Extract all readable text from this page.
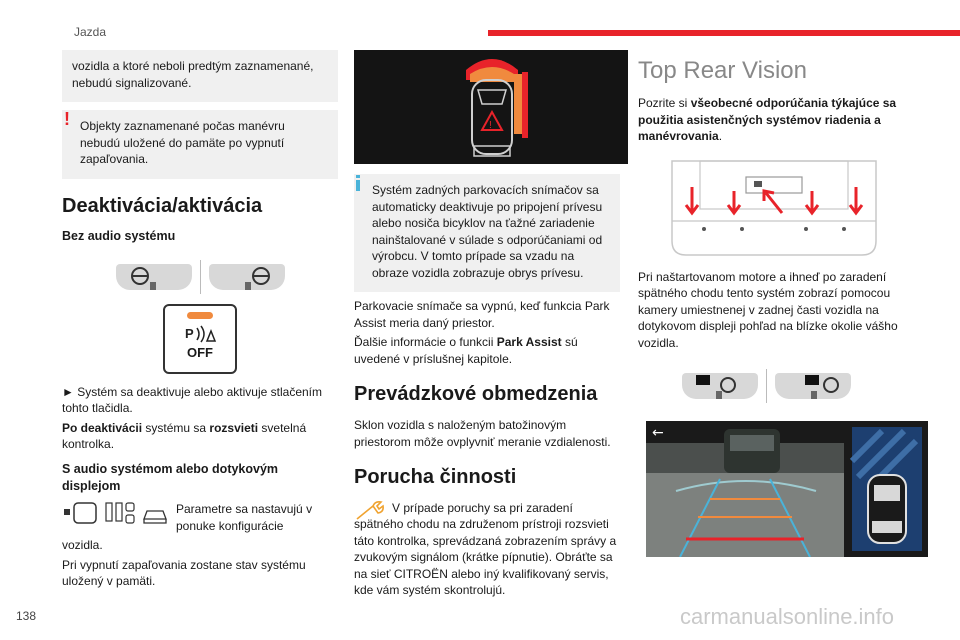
Jazda

vozidla a ktoré neboli predtým zaznamenané, nebudú signalizované.

! Objekty zaznamenané počas manévru nebudú uložené do pamäte po vypnutí zapaľovania.

Deaktivácia/aktivácia
Bez audio systému
P
OFF

► Systém sa deaktivuje alebo aktivuje stlačením tohto tlačidla.

Po deaktivácii systému sa rozsvieti svetelná kontrolka.

S audio systémom alebo dotykovým displejom

Parametre sa nastavujú v ponuke konfigurácie

vozidla.

Pri vypnutí zapaľovania zostane stav systému uložený v pamäti.

!

Systém zadných parkovacích snímačov sa automaticky deaktivuje po pripojení prívesu alebo nosiča bicyklov na ťažné zariadenie nainštalované v súlade s odporúčaniami od výrobcu. V tomto prípade sa vzadu na obraze vozidla zobrazuje obrys prívesu.

Parkovacie snímače sa vypnú, keď funkcia Park Assist meria daný priestor.

Ďalšie informácie o funkcii Park Assist sú uvedené v príslušnej kapitole.

Prevádzkové obmedzenia

Sklon vozidla s naloženým batožinovým priestorom môže ovplyvniť meranie vzdialenosti.

Porucha činnosti

V prípade poruchy sa pri zaradení spätného chodu na združenom prístroji rozsvieti táto kontrolka, sprevádzaná zobrazením správy a zvukovým signálom (krátke pípnutie). Obráťte sa na sieť CITROËN alebo iný kvalifikovaný servis, kde vám systém skontrolujú.

Top Rear Vision

Pozrite si všeobecné odporúčania týkajúce sa použitia asistenčných systémov riadenia a manévrovania.

Pri naštartovanom motore a ihneď po zaradení spätného chodu tento systém zobrazí pomocou kamery umiestnenej v zadnej časti vozidla na dotykovom displeji pohľad na blízke okolie vášho vozidla.

←
138	carmanualsonline.info
